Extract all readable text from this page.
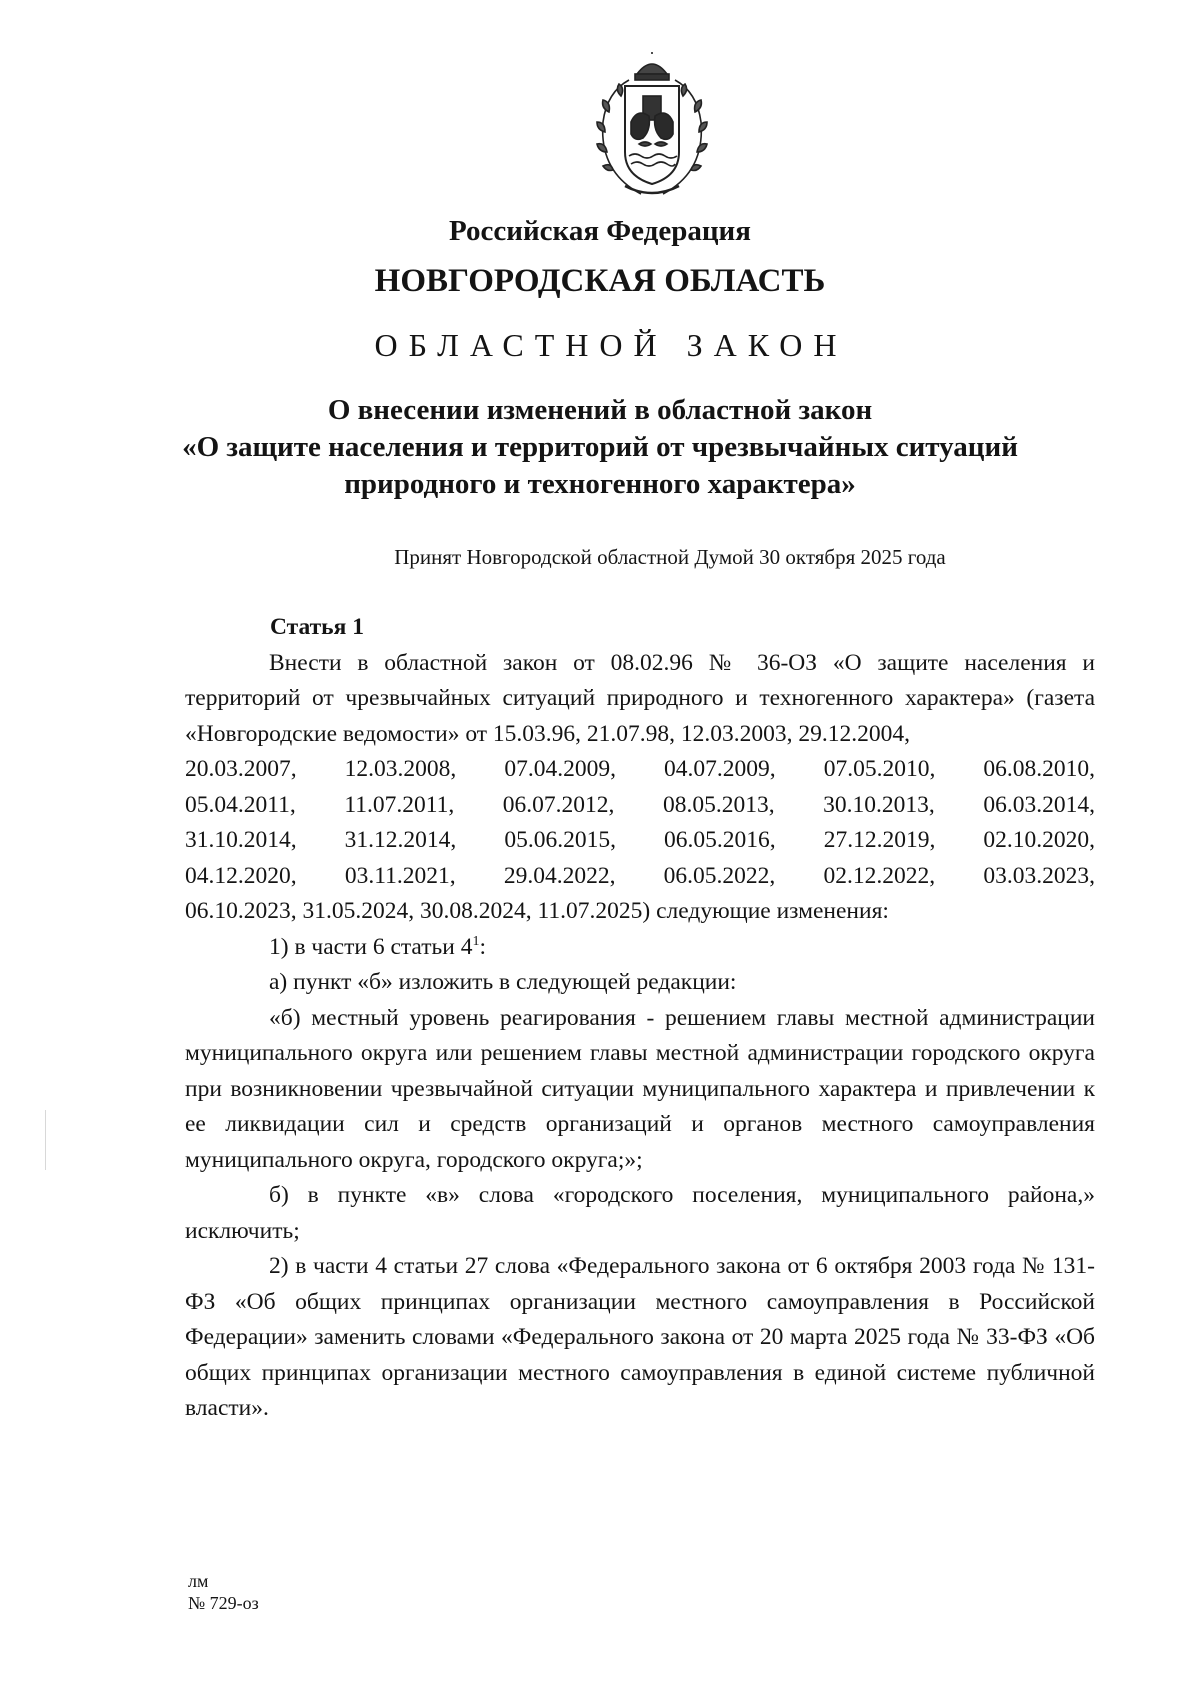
Российская Федерация
НОВГОРОДСКАЯ ОБЛАСТЬ
ОБЛАСТНОЙ ЗАКОН
О внесении изменений в областной закон
«О защите населения и территорий от чрезвычайных ситуаций
природного и техногенного характера»
Принят Новгородской областной Думой 30 октября 2025 года

Статья 1

Внести в областной закон от 08.02.96 № 36-ОЗ «О защите населения и территорий от чрезвычайных ситуаций природного и техногенного характера» (газета «Новгородские ведомости» от 15.03.96, 21.07.98, 12.03.2003, 29.12.2004,

20.03.2007, 12.03.2008, 07.04.2009, 04.07.2009, 07.05.2010, 06.08.2010,
05.04.2011, 11.07.2011, 06.07.2012, 08.05.2013, 30.10.2013, 06.03.2014,
31.10.2014, 31.12.2014, 05.06.2015, 06.05.2016, 27.12.2019, 02.10.2020,
04.12.2020, 03.11.2021, 29.04.2022, 06.05.2022, 02.12.2022, 03.03.2023,

06.10.2023, 31.05.2024, 30.08.2024, 11.07.2025) следующие изменения:

1) в части 6 статьи $4^1$:

а) пункт «б» изложить в следующей редакции:

«б) местный уровень реагирования - решением главы местной администрации муниципального округа или решением главы местной администрации городского округа при возникновении чрезвычайной ситуации муниципального характера и привлечении к ее ликвидации сил и средств организаций и органов местного самоуправления муниципального округа, городского округа;»;

б) в пункте «в» слова «городского поселения, муниципального района,» исключить;

2) в части 4 статьи 27 слова «Федерального закона от 6 октября 2003 года № 131-ФЗ «Об общих принципах организации местного самоуправления в Российской Федерации» заменить словами «Федерального закона от 20 марта 2025 года № 33-ФЗ «Об общих принципах организации местного самоуправления в единой системе публичной власти».

лм
№ 729-оз
